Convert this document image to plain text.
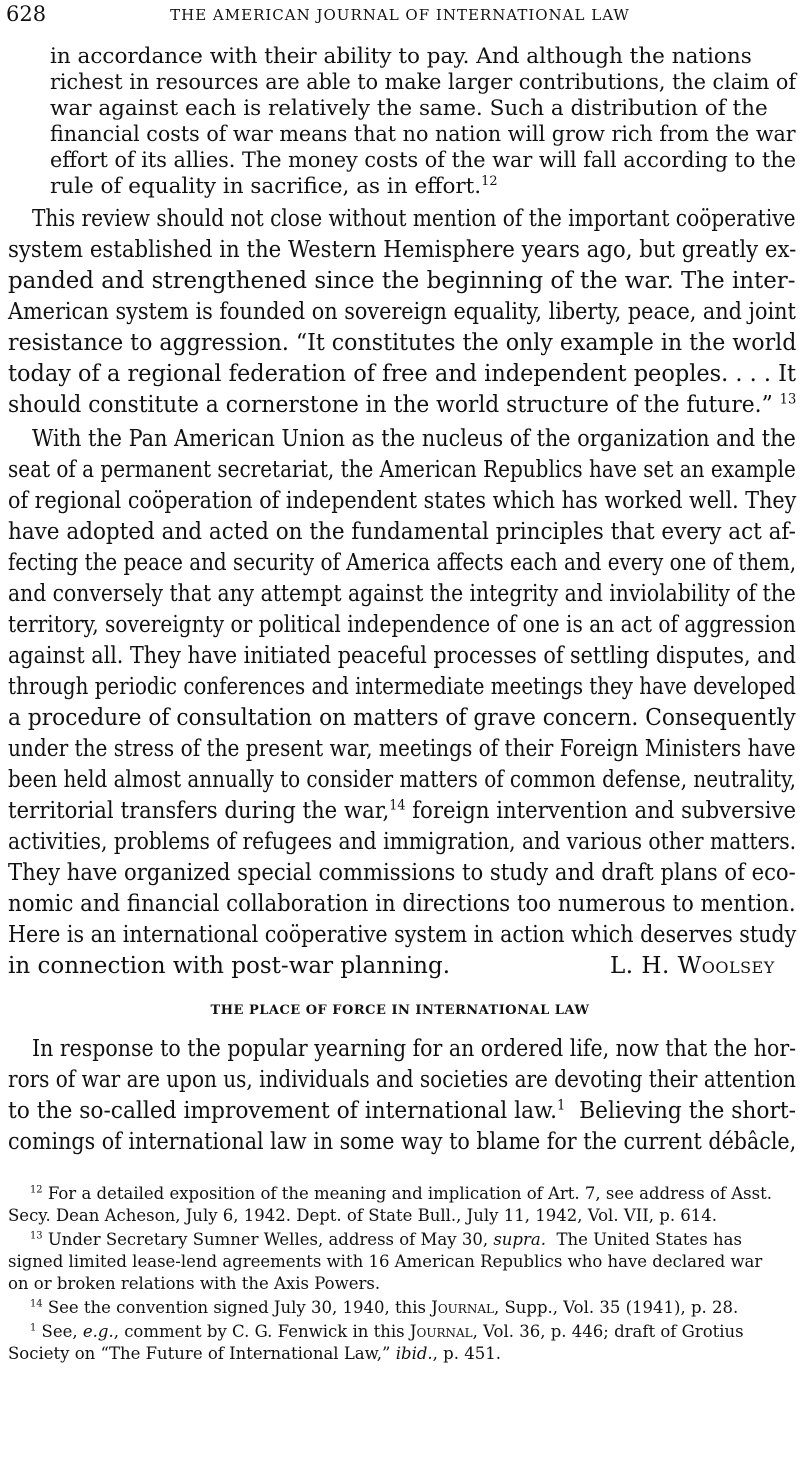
628	THE AMERICAN JOURNAL OF INTERNATIONAL LAW
in accordance with their ability to pay. And although the nations
richest in resources are able to make larger contributions, the claim of
war against each is relatively the same. Such a distribution of the
financial costs of war means that no nation will grow rich from the war
effort of its allies. The money costs of the war will fall according to the
rule of equality in sacrifice, as in effort.$^{12}$
This review should not close without mention of the important coöperative
system established in the Western Hemisphere years ago, but greatly ex-
panded and strengthened since the beginning of the war. The inter-
American system is founded on sovereign equality, liberty, peace, and joint
resistance to aggression. “It constitutes the only example in the world
today of a regional federation of free and independent peoples. . . . It
should constitute a cornerstone in the world structure of the future.” $^{13}$
With the Pan American Union as the nucleus of the organization and the
seat of a permanent secretariat, the American Republics have set an example
of regional coöperation of independent states which has worked well. They
have adopted and acted on the fundamental principles that every act af-
fecting the peace and security of America affects each and every one of them,
and conversely that any attempt against the integrity and inviolability of the
territory, sovereignty or political independence of one is an act of aggression
against all. They have initiated peaceful processes of settling disputes, and
through periodic conferences and intermediate meetings they have developed
a procedure of consultation on matters of grave concern. Consequently
under the stress of the present war, meetings of their Foreign Ministers have
been held almost annually to consider matters of common defense, neutrality,
territorial transfers during the war,$^{14}$ foreign intervention and subversive
activities, problems of refugees and immigration, and various other matters.
They have organized special commissions to study and draft plans of eco-
nomic and financial collaboration in directions too numerous to mention.
Here is an international coöperative system in action which deserves study
in connection with post-war planning.	L. H. Woolsey
THE PLACE OF FORCE IN INTERNATIONAL LAW
In response to the popular yearning for an ordered life, now that the hor-
rors of war are upon us, individuals and societies are devoting their attention
to the so-called improvement of international law.$^1$ Believing the short-
comings of international law in some way to blame for the current débâcle,
$^{12}$ For a detailed exposition of the meaning and implication of Art. 7, see address of Asst.
Secy. Dean Acheson, July 6, 1942. Dept. of State Bull., July 11, 1942, Vol. VII, p. 614.
$^{13}$ Under Secretary Sumner Welles, address of May 30, supra. The United States has
signed limited lease-lend agreements with 16 American Republics who have declared war
on or broken relations with the Axis Powers.
$^{14}$ See the convention signed July 30, 1940, this Journal, Supp., Vol. 35 (1941), p. 28.
$^1$ See, e.g., comment by C. G. Fenwick in this Journal, Vol. 36, p. 446; draft of Grotius
Society on “The Future of International Law,” ibid., p. 451.
